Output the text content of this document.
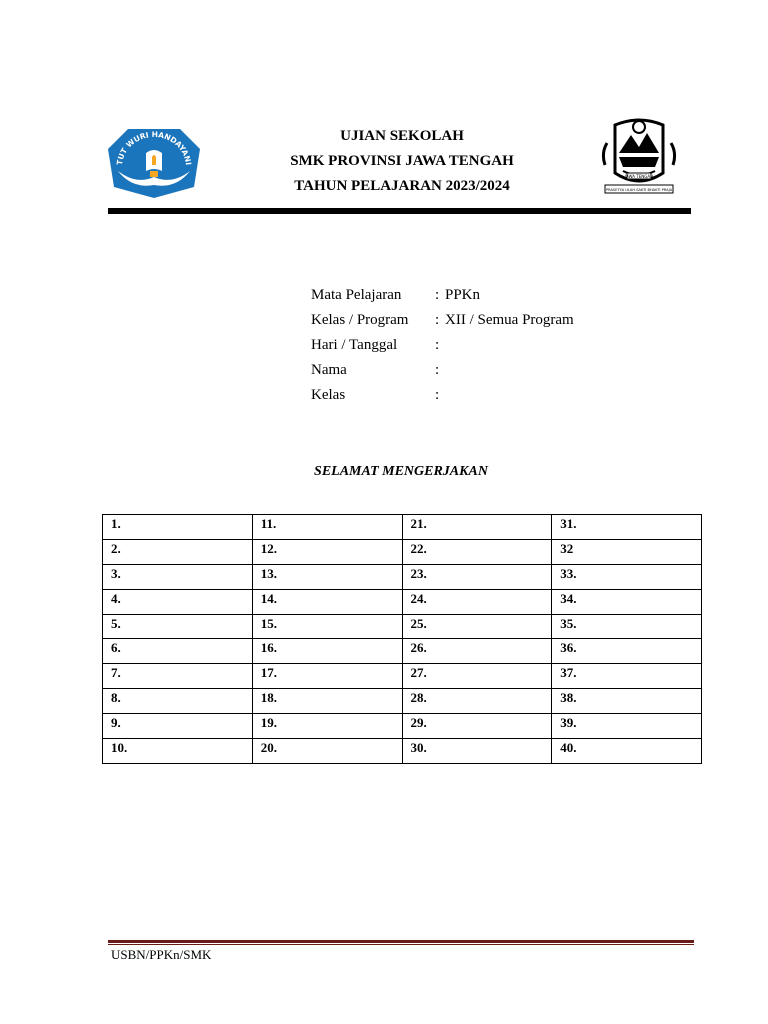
TUT WURI HANDAYANI
JAWA TENGAH
PRASETYA ULAH SAKTI BHAKTI PRAJA
UJIAN SEKOLAH
SMK PROVINSI JAWA TENGAH
TAHUN PELAJARAN 2023/2024
Mata Pelajaran	: PPKn
Kelas / Program	: XII / Semua Program
Hari / Tanggal	:
Nama	:
Kelas	:
SELAMAT MENGERJAKAN
1.	11.	21.	31.
2.	12.	22.	32
3.	13.	23.	33.
4.	14.	24.	34.
5.	15.	25.	35.
6.	16.	26.	36.
7.	17.	27.	37.
8.	18.	28.	38.
9.	19.	29.	39.
10.	20.	30.	40.
USBN/PPKn/SMK
